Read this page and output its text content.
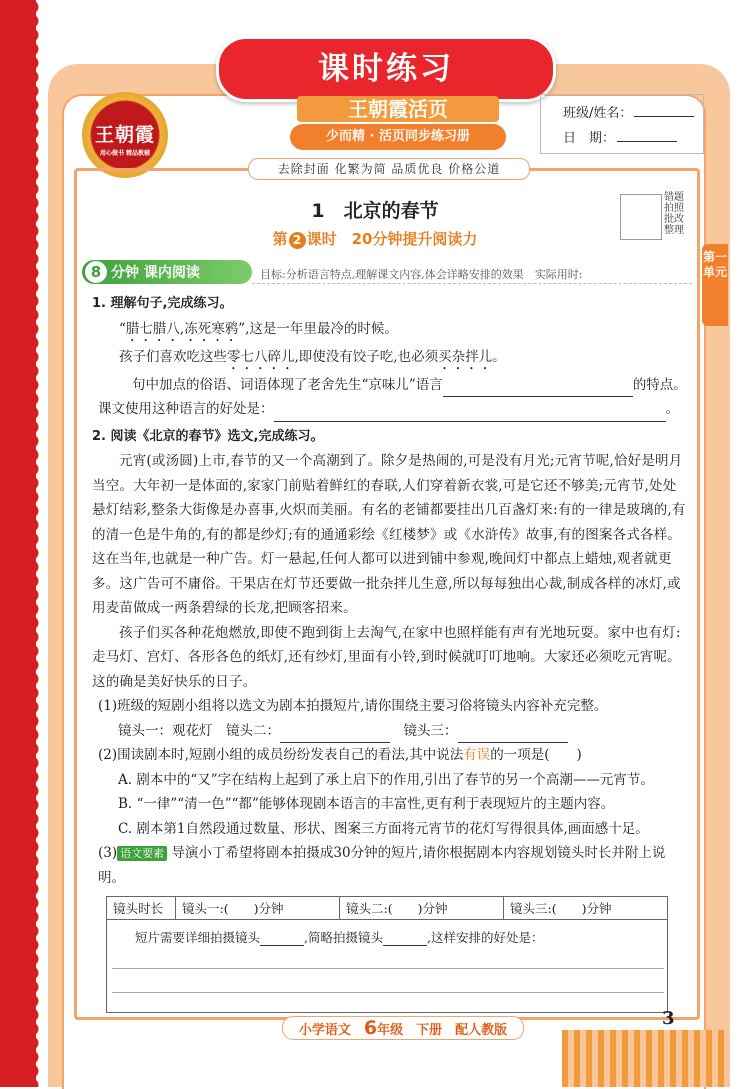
课时练习
王朝霞
用心做书 精品教辅
王朝霞活页
少而精 · 活页同步练习册
班级/姓名：
日　期：
去除封面 化繁为简 品质优良 价格公道
1　北京的春节
第 2 课时　20分钟提升阅读力
错题拍照批改整理
第一单元
8 分钟 课内阅读	目标:分析语言特点,理解课文内容,体会详略安排的效果　实际用时:

1. 理解句子,完成练习。

“腊七腊八,冻死寒鸦”,这是一年里最冷的时候。

孩子们喜欢吃这些零七八碎儿,即使没有饺子吃,也必须买杂拌儿。

句中加点的俗语、词语体现了老舍先生“京味儿”语言	的特点。

课文使用这种语言的好处是：	。

2. 阅读《北京的春节》选文,完成练习。

元宵(或汤圆)上市,春节的又一个高潮到了。除夕是热闹的,可是没有月光;元宵节呢,恰好是明月当空。大年初一是体面的,家家门前贴着鲜红的春联,人们穿着新衣裳,可是它还不够美;元宵节,处处悬灯结彩,整条大街像是办喜事,火炽而美丽。有名的老铺都要挂出几百盏灯来:有的一律是玻璃的,有的清一色是牛角的,有的都是纱灯;有的通通彩绘《红楼梦》或《水浒传》故事,有的图案各式各样。这在当年,也就是一种广告。灯一悬起,任何人都可以进到铺中参观,晚间灯中都点上蜡烛,观者就更多。这广告可不庸俗。干果店在灯节还要做一批杂拌儿生意,所以每每独出心裁,制成各样的冰灯,或用麦苗做成一两条碧绿的长龙,把顾客招来。

孩子们买各种花炮燃放,即使不跑到街上去淘气,在家中也照样能有声有光地玩耍。家中也有灯:走马灯、宫灯、各形各色的纸灯,还有纱灯,里面有小铃,到时候就叮叮地响。大家还必须吃元宵呢。这的确是美好快乐的日子。

(1)班级的短剧小组将以选文为剧本拍摄短片,请你围绕主要习俗将镜头内容补充完整。

镜头一：观花灯　 镜头二：　	镜头三：

(2)围读剧本时,短剧小组的成员纷纷发表自己的看法,其中说法有误的一项是(　　)

A. 剧本中的“又”字在结构上起到了承上启下的作用,引出了春节的另一个高潮——元宵节。

B. “一律”“清一色”“都”能够体现剧本语言的丰富性,更有利于表现短片的主题内容。

C. 剧本第1自然段通过数量、形状、图案三方面将元宵节的花灯写得很具体,画面感十足。

(3) 语文要素 导演小丁希望将剧本拍摄成30分钟的短片,请你根据剧本内容规划镜头时长并附上说明。

镜头时长	镜头一:(　　)分钟	镜头二:(　　)分钟	镜头三:(　　)分钟
短片需要详细拍摄镜头	,简略拍摄镜头	,这样安排的好处是：
小学语文　 6年级　下册　配人教版
3
